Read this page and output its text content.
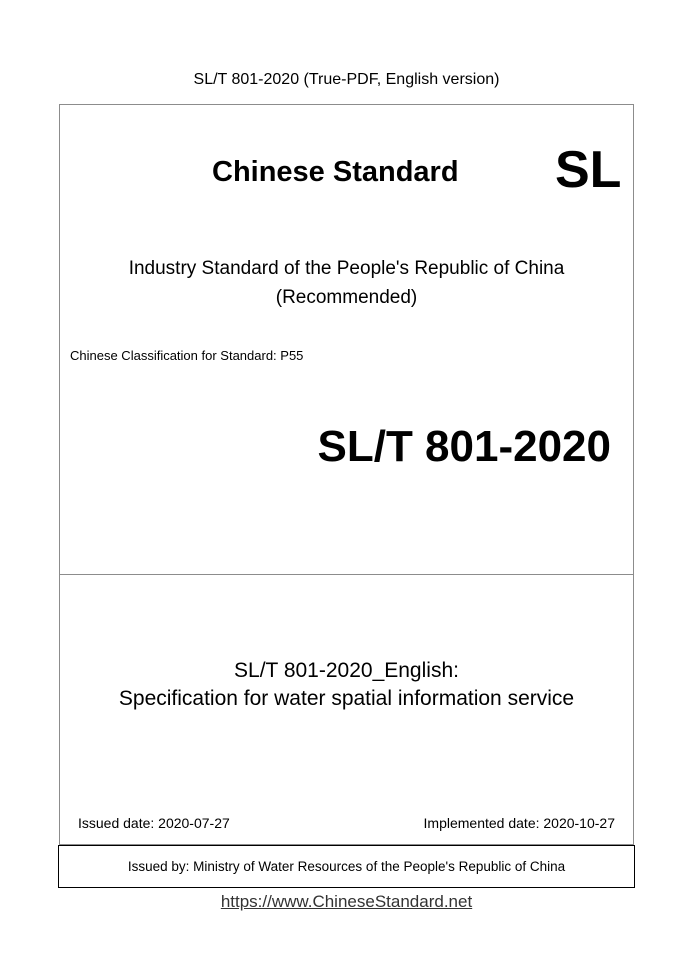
SL/T 801-2020 (True-PDF, English version)
Chinese Standard SL
Industry Standard of the People's Republic of China
(Recommended)
Chinese Classification for Standard: P55
SL/T 801-2020
SL/T 801-2020_English:
Specification for water spatial information service
Issued date: 2020-07-27	Implemented date: 2020-10-27
Issued by: Ministry of Water Resources of the People's Republic of China
https://www.ChineseStandard.net
